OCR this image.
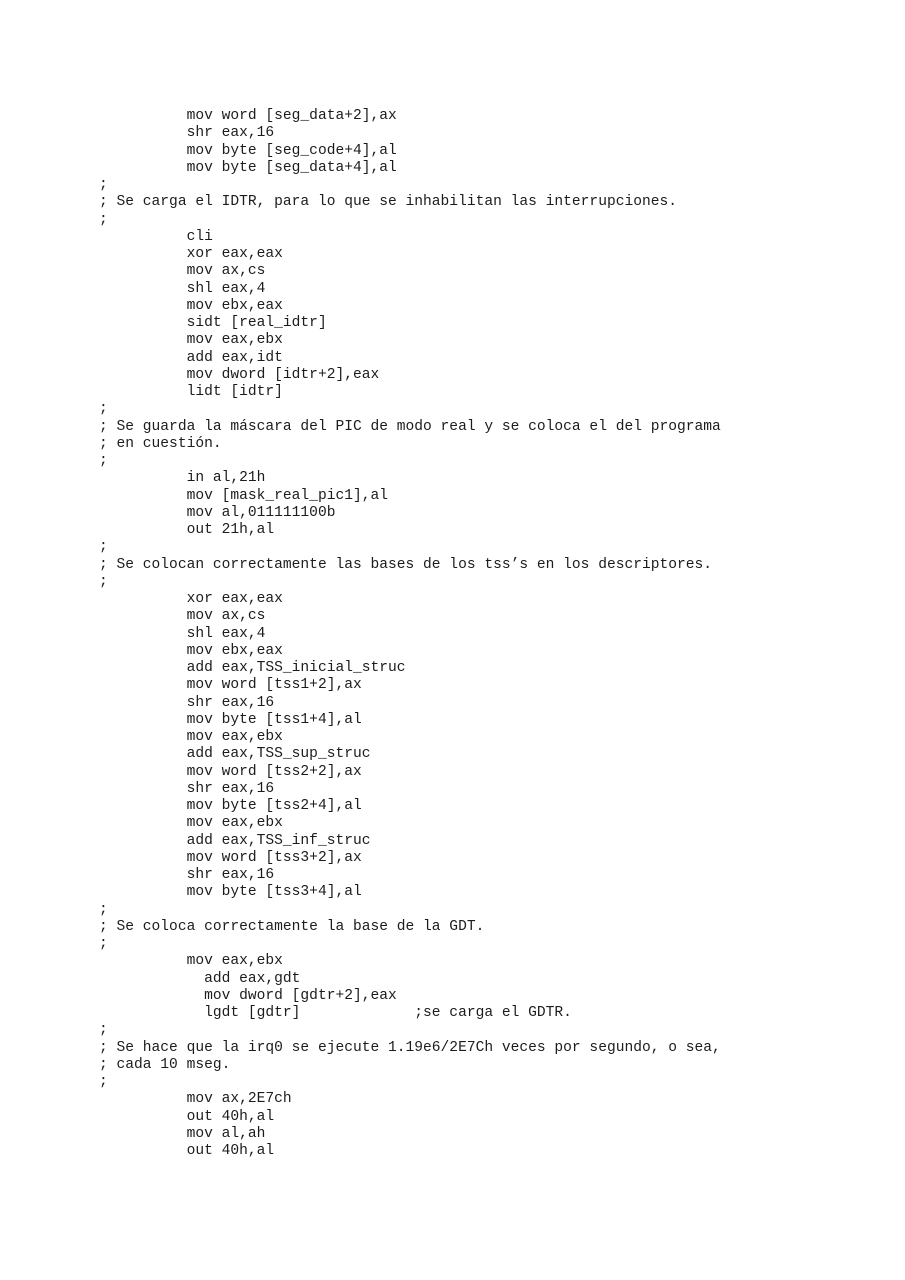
mov word [seg_data+2],ax
shr eax,16
mov byte [seg_code+4],al
mov byte [seg_data+4],al
;
; Se carga el IDTR, para lo que se inhabilitan las interrupciones.
;
cli
xor eax,eax
mov ax,cs
shl eax,4
mov ebx,eax
sidt [real_idtr]
mov eax,ebx
add eax,idt
mov dword [idtr+2],eax
lidt [idtr]
;
; Se guarda la máscara del PIC de modo real y se coloca el del programa
; en cuestión.
;
in al,21h
mov [mask_real_pic1],al
mov al,011111100b
out 21h,al
;
; Se colocan correctamente las bases de los tss’s en los descriptores.
;
xor eax,eax
mov ax,cs
shl eax,4
mov ebx,eax
add eax,TSS_inicial_struc
mov word [tss1+2],ax
shr eax,16
mov byte [tss1+4],al
mov eax,ebx
add eax,TSS_sup_struc
mov word [tss2+2],ax
shr eax,16
mov byte [tss2+4],al
mov eax,ebx
add eax,TSS_inf_struc
mov word [tss3+2],ax
shr eax,16
mov byte [tss3+4],al
;
; Se coloca correctamente la base de la GDT.
;
mov eax,ebx
add eax,gdt
mov dword [gdtr+2],eax
lgdt [gdtr]             ;se carga el GDTR.
;
; Se hace que la irq0 se ejecute 1.19e6/2E7Ch veces por segundo, o sea,
; cada 10 mseg.
;
mov ax,2E7ch
out 40h,al
mov al,ah
out 40h,al
